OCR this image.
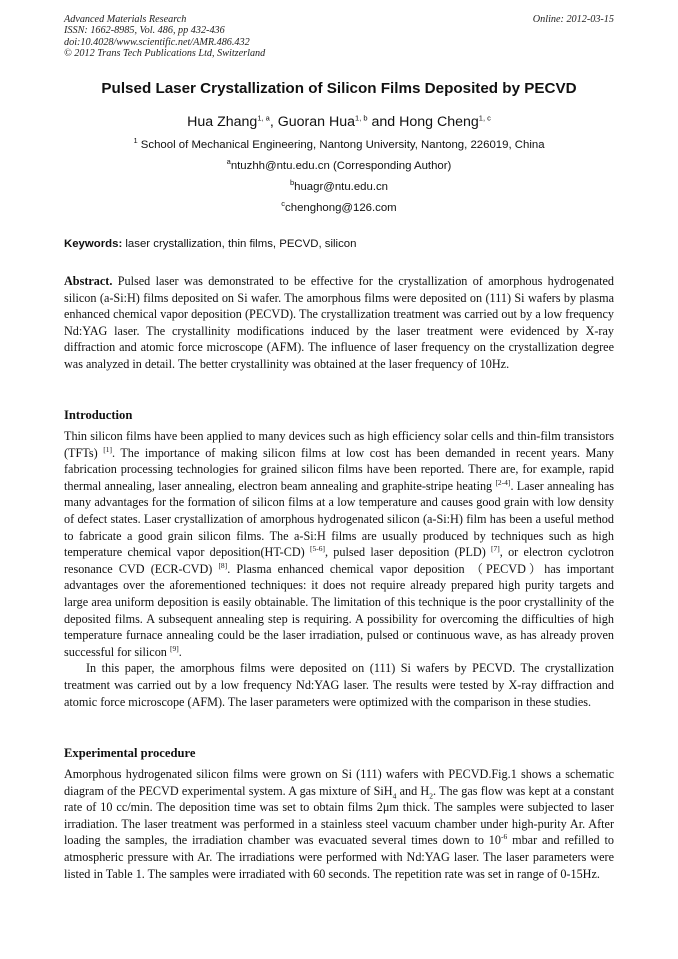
Advanced Materials Research
ISSN: 1662-8985, Vol. 486, pp 432-436
doi:10.4028/www.scientific.net/AMR.486.432
© 2012 Trans Tech Publications Ltd, Switzerland
Online: 2012-03-15
Pulsed Laser Crystallization of Silicon Films Deposited by PECVD
Hua Zhang$^{1, a}$, Guoran Hua$^{1, b}$ and Hong Cheng$^{1, c}$
$^1$ School of Mechanical Engineering, Nantong University, Nantong, 226019, China
$^a$ntuzhh@ntu.edu.cn (Corresponding Author)
$^b$huagr@ntu.edu.cn
$^c$chenghong@126.com
Keywords: laser crystallization, thin films, PECVD, silicon

Abstract. Pulsed laser was demonstrated to be effective for the crystallization of amorphous hydrogenated silicon (a-Si:H) films deposited on Si wafer. The amorphous films were deposited on (111) Si wafers by plasma enhanced chemical vapor deposition (PECVD). The crystallization treatment was carried out by a low frequency Nd:YAG laser. The crystallinity modifications induced by the laser treatment were evidenced by X-ray diffraction and atomic force microscope (AFM). The influence of laser frequency on the crystallization degree was analyzed in detail. The better crystallinity was obtained at the laser frequency of 10Hz.

Introduction

Thin silicon films have been applied to many devices such as high efficiency solar cells and thin-film transistors (TFTs) [1]. The importance of making silicon films at low cost has been demanded in recent years. Many fabrication processing technologies for grained silicon films have been reported. There are, for example, rapid thermal annealing, laser annealing, electron beam annealing and graphite-stripe heating [2-4]. Laser annealing has many advantages for the formation of silicon films at a low temperature and causes good grain with low density of defect states. Laser crystallization of amorphous hydrogenated silicon (a-Si:H) film has been a useful method to fabricate a good grain silicon films. The a-Si:H films are usually produced by techniques such as high temperature chemical vapor deposition(HT-CD) [5-6], pulsed laser deposition (PLD) [7], or electron cyclotron resonance CVD (ECR-CVD) [8]. Plasma enhanced chemical vapor deposition （PECVD）has important advantages over the aforementioned techniques: it does not require already prepared high purity targets and large area uniform deposition is easily obtainable. The limitation of this technique is the poor crystallinity of the deposited films. A subsequent annealing step is requiring. A possibility for overcoming the difficulties of high temperature furnace annealing could be the laser irradiation, pulsed or continuous wave, as has already proven successful for silicon [9].

In this paper, the amorphous films were deposited on (111) Si wafers by PECVD. The crystallization treatment was carried out by a low frequency Nd:YAG laser. The results were tested by X-ray diffraction and atomic force microscope (AFM). The laser parameters were optimized with the comparison in these studies.

Experimental procedure

Amorphous hydrogenated silicon films were grown on Si (111) wafers with PECVD.Fig.1 shows a schematic diagram of the PECVD experimental system. A gas mixture of SiH$_4$ and $H_2$. The gas flow was kept at a constant rate of 10 cc/min. The deposition time was set to obtain films 2μm thick. The samples were subjected to laser irradiation. The laser treatment was performed in a stainless steel vacuum chamber under high-purity Ar. After loading the samples, the irradiation chamber was evacuated several times down to $10^{-6}$ mbar and refilled to atmospheric pressure with Ar. The irradiations were performed with Nd:YAG laser. The laser parameters were listed in Table 1. The samples were irradiated with 60 seconds. The repetition rate was set in range of 0-15Hz.
